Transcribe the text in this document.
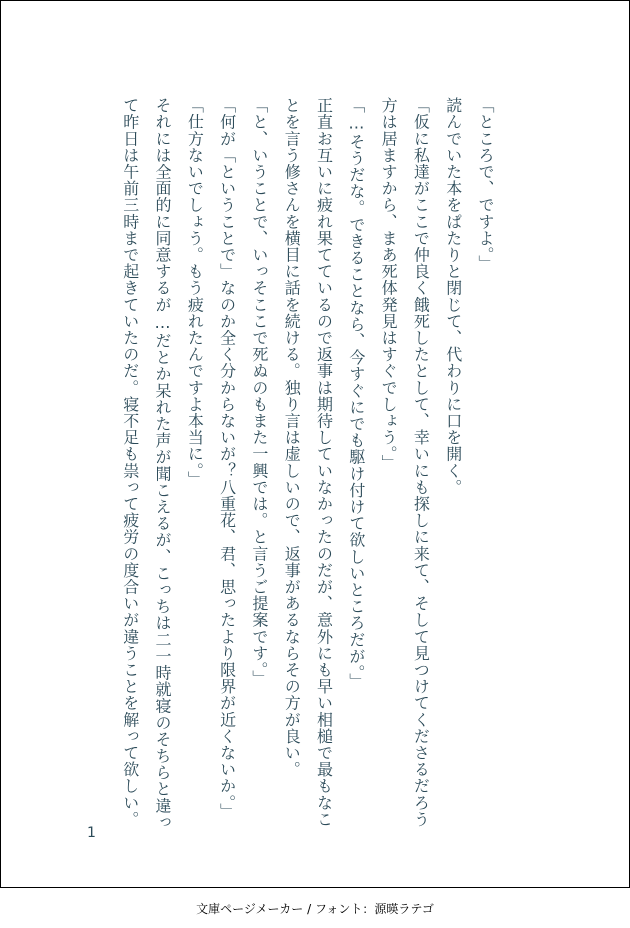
「ところで、ですよ。」

読んでいた本をぱたりと閉じて、代わりに口を開く。

「仮に私達がここで仲良く餓死したとして、幸いにも探しに来て、そして見つけてくださるだろう方は居ますから、まあ死体発見はすぐでしょう。」

「…そうだな。できることなら、今すぐにでも駆け付けて欲しいところだが。」

正直お互いに疲れ果てているので返事は期待していなかったのだが、意外にも早い相槌で最もなことを言う修さんを横目に話を続ける。独り言は虚しいので、返事があるならその方が良い。

「と、いうことで、いっそここで死ぬのもまた一興では。と言うご提案です。」

「何が「ということで」なのか全く分からないが？八重花、君、思ったより限界が近くないか。」

「仕方ないでしょう。もう疲れたんですよ本当に。」

それには全面的に同意するが…だとか呆れた声が聞こえるが、こっちは二一時就寝のそちらと違って昨日は午前三時まで起きていたのだ。寝不足も祟って疲労の度合いが違うことを解って欲しい。

1
文庫ページメーカー / フォント：源暎ラテゴ
